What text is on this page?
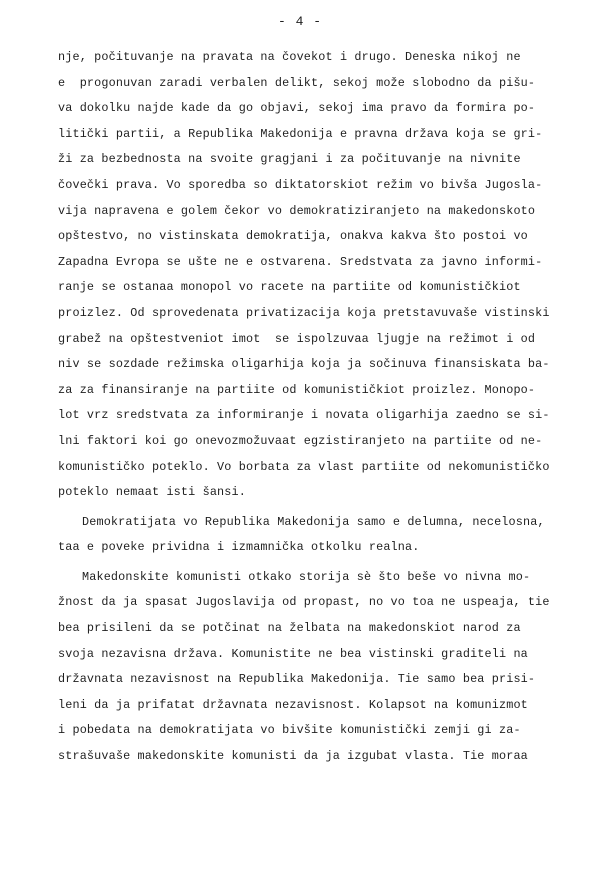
- 4 -
nje, počituvanje na pravata na čovekot i drugo. Deneska nikoj ne
e  progonuvan zaradi verbalen delikt, sekoj može slobodno da pišu-
va dokolku najde kade da go objavi, sekoj ima pravo da formira po-
litički partii, a Republika Makedonija e pravna država koja se gri-
ži za bezbednosta na svoite gragjani i za počituvanje na nivnite
čovečki prava. Vo sporedba so diktatorskiot režim vo bivša Jugosla-
vija napravena e golem čekor vo demokratiziranjeto na makedonskoto
opštestvo, no vistinskata demokratija, onakva kakva što postoi vo
Zapadna Evropa se ušte ne e ostvarena. Sredstvata za javno informi-
ranje se ostanaa monopol vo racete na partiite od komunističkiot
proizlez. Od sprovedenata privatizacija koja pretstavuvaše vistinski
grabež na opštestveniot imot  se ispolzuvaa ljugje na režimot i od
niv se sozdade režimska oligarhija koja ja sočinuva finansiskata ba-
za za finansiranje na partiite od komunističkiot proizlez. Monopo-
lot vrz sredstvata za informiranje i novata oligarhija zaedno se si-
lni faktori koi go onevozmožuvaat egzistiranjeto na partiite od ne-
komunističko poteklo. Vo borbata za vlast partiite od nekomunističko
poteklo nemaat isti šansi.
Demokratijata vo Republika Makedonija samo e delumna, necelosna,
taa e poveke prividna i izmamnička otkolku realna.
Makedonskite komunisti otkako storija sè što beše vo nivna mo-
žnost da ja spasat Jugoslavija od propast, no vo toa ne uspeaja, tie
bea prisileni da se potčinat na želbata na makedonskiot narod za
svoja nezavisna država. Komunistite ne bea vistinski graditeli na
državnata nezavisnost na Republika Makedonija. Tie samo bea prisi-
leni da ja prifatat državnata nezavisnost. Kolapsot na komunizmot
i pobedata na demokratijata vo bivšite komunistički zemji gi za-
strašuvaše makedonskite komunisti da ja izgubat vlasta. Tie moraa
